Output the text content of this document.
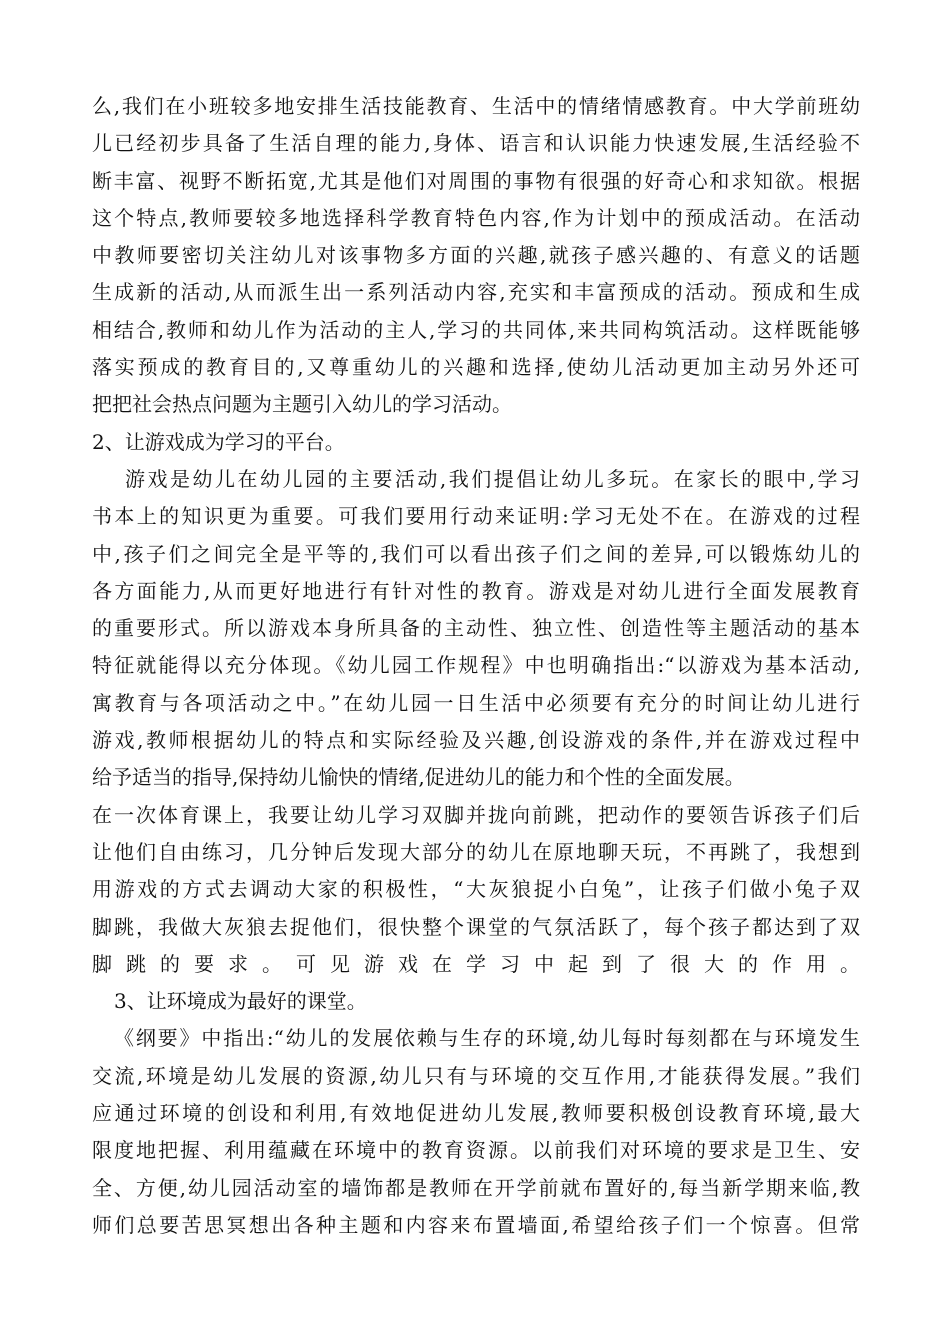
么,我们在小班较多地安排生活技能教育、生活中的情绪情感教育。中大学前班幼
儿已经初步具备了生活自理的能力,身体、语言和认识能力快速发展,生活经验不
断丰富、视野不断拓宽,尤其是他们对周围的事物有很强的好奇心和求知欲。根据
这个特点,教师要较多地选择科学教育特色内容,作为计划中的预成活动。在活动
中教师要密切关注幼儿对该事物多方面的兴趣,就孩子感兴趣的、有意义的话题
生成新的活动,从而派生出一系列活动内容,充实和丰富预成的活动。预成和生成
相结合,教师和幼儿作为活动的主人,学习的共同体,来共同构筑活动。这样既能够
落实预成的教育目的,又尊重幼儿的兴趣和选择,使幼儿活动更加主动另外还可
把把社会热点问题为主题引入幼儿的学习活动。
2、让游戏成为学习的平台。
游戏是幼儿在幼儿园的主要活动,我们提倡让幼儿多玩。在家长的眼中,学习
书本上的知识更为重要。可我们要用行动来证明:学习无处不在。在游戏的过程
中,孩子们之间完全是平等的,我们可以看出孩子们之间的差异,可以锻炼幼儿的
各方面能力,从而更好地进行有针对性的教育。游戏是对幼儿进行全面发展教育
的重要形式。所以游戏本身所具备的主动性、独立性、创造性等主题活动的基本
特征就能得以充分体现。《幼儿园工作规程》中也明确指出:“以游戏为基本活动,
寓教育与各项活动之中。”在幼儿园一日生活中必须要有充分的时间让幼儿进行
游戏,教师根据幼儿的特点和实际经验及兴趣,创设游戏的条件,并在游戏过程中
给予适当的指导,保持幼儿愉快的情绪,促进幼儿的能力和个性的全面发展。
在一次体育课上，我要让幼儿学习双脚并拢向前跳，把动作的要领告诉孩子们后
让他们自由练习，几分钟后发现大部分的幼儿在原地聊天玩，不再跳了，我想到
用游戏的方式去调动大家的积极性，“大灰狼捉小白兔”，让孩子们做小兔子双
脚跳，我做大灰狼去捉他们，很快整个课堂的气氛活跃了，每个孩子都达到了双
脚跳的要求。可见游戏在学习中起到了很大的作用。
3、让环境成为最好的课堂。
《纲要》中指出:“幼儿的发展依赖与生存的环境,幼儿每时每刻都在与环境发生
交流,环境是幼儿发展的资源,幼儿只有与环境的交互作用,才能获得发展。”我们
应通过环境的创设和利用,有效地促进幼儿发展,教师要积极创设教育环境,最大
限度地把握、利用蕴藏在环境中的教育资源。以前我们对环境的要求是卫生、安
全、方便,幼儿园活动室的墙饰都是教师在开学前就布置好的,每当新学期来临,教
师们总要苦思冥想出各种主题和内容来布置墙面,希望给孩子们一个惊喜。但常
